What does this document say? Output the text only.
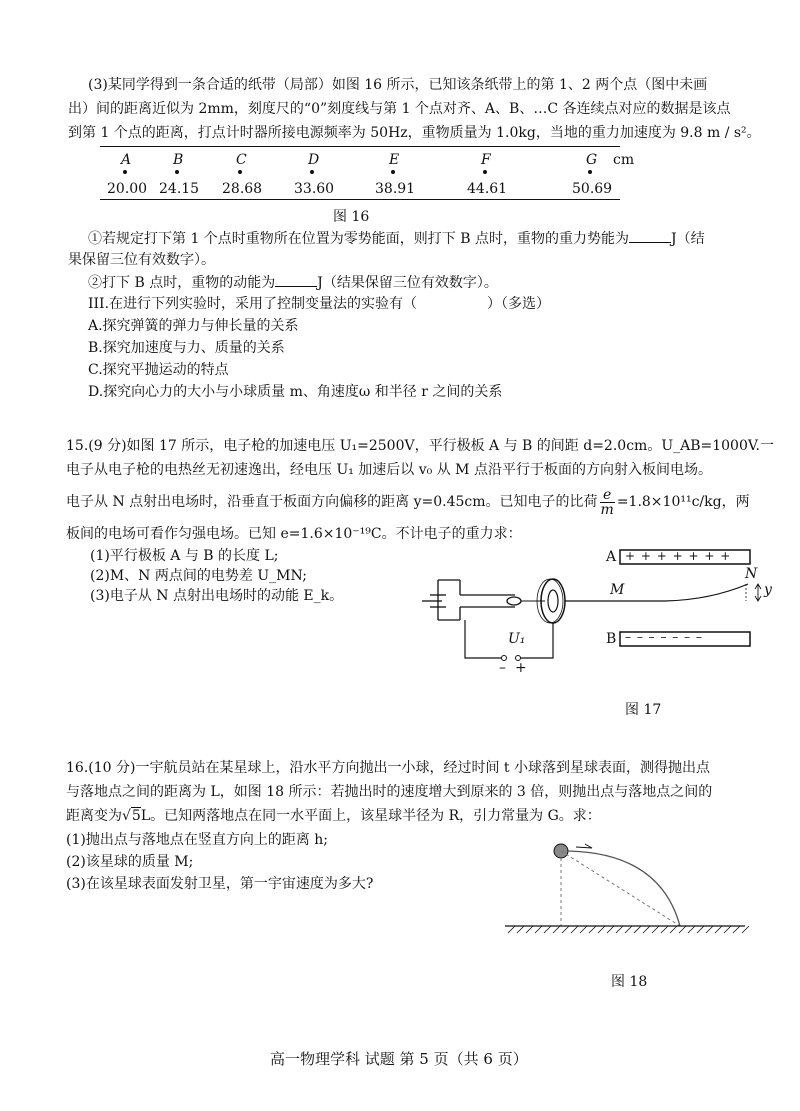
(3)某同学得到一条合适的纸带（局部）如图 16 所示，已知该条纸带上的第 1、2 两个点（图中未画
出）间的距离近似为 2mm，刻度尺的“0”刻度线与第 1 个点对齐、A、B、…C 各连续点对应的数据是该点
到第 1 个点的距离，打点计时器所接电源频率为 50Hz，重物质量为 1.0kg，当地的重力加速度为 9.8 m / s²。
A
20.00
B
24.15
C
28.68
D
33.60
E
38.91
F
44.61
G
50.69
cm
图 16
①若规定打下第 1 个点时重物所在位置为零势能面，则打下 B 点时，重物的重力势能为	J（结
果保留三位有效数字）。
②打下 B 点时，重物的动能为	J（结果保留三位有效数字）。
III.在进行下列实验时，采用了控制变量法的实验有（　　　　　）（多选）
A.探究弹簧的弹力与伸长量的关系
B.探究加速度与力、质量的关系
C.探究平抛运动的特点
D.探究向心力的大小与小球质量 m、角速度ω 和半径 r 之间的关系
15.(9 分)如图 17 所示，电子枪的加速电压 U₁=2500V，平行极板 A 与 B 的间距 d=2.0cm。U_AB=1000V.一
电子从电子枪的电热丝无初速逸出，经电压 U₁ 加速后以 v₀ 从 M 点沿平行于板面的方向射入板间电场。
电子从 N 点射出电场时，沿垂直于板面方向偏移的距离 y=0.45cm。已知电子的比荷 $\frac{e}{m} =1.8\times 10^{11}c/kg$，两
板间的电场可看作匀强电场。已知 e=1.6×10⁻¹⁹C。不计电子的重力求：
(1)平行极板 A 与 B 的长度 L;
(2)M、N 两点间的电势差 U_MN;
(3)电子从 N 点射出电场时的动能 E_k。
A + + + + + + +
B – – – – – – –
M
N
y
U₁
– +
图 17
16.(10 分)一宇航员站在某星球上，沿水平方向抛出一小球，经过时间 t 小球落到星球表面，测得抛出点
与落地点之间的距离为 L，如图 18 所示：若抛出时的速度增大到原来的 3 倍，则抛出点与落地点之间的
距离变为√5L。已知两落地点在同一水平面上，该星球半径为 R，引力常量为 G。求：
(1)抛出点与落地点在竖直方向上的距离 h;
(2)该星球的质量 M;
(3)在该星球表面发射卫星，第一宇宙速度为多大?
图 18
高一物理学科 试题 第 5 页（共 6 页）
